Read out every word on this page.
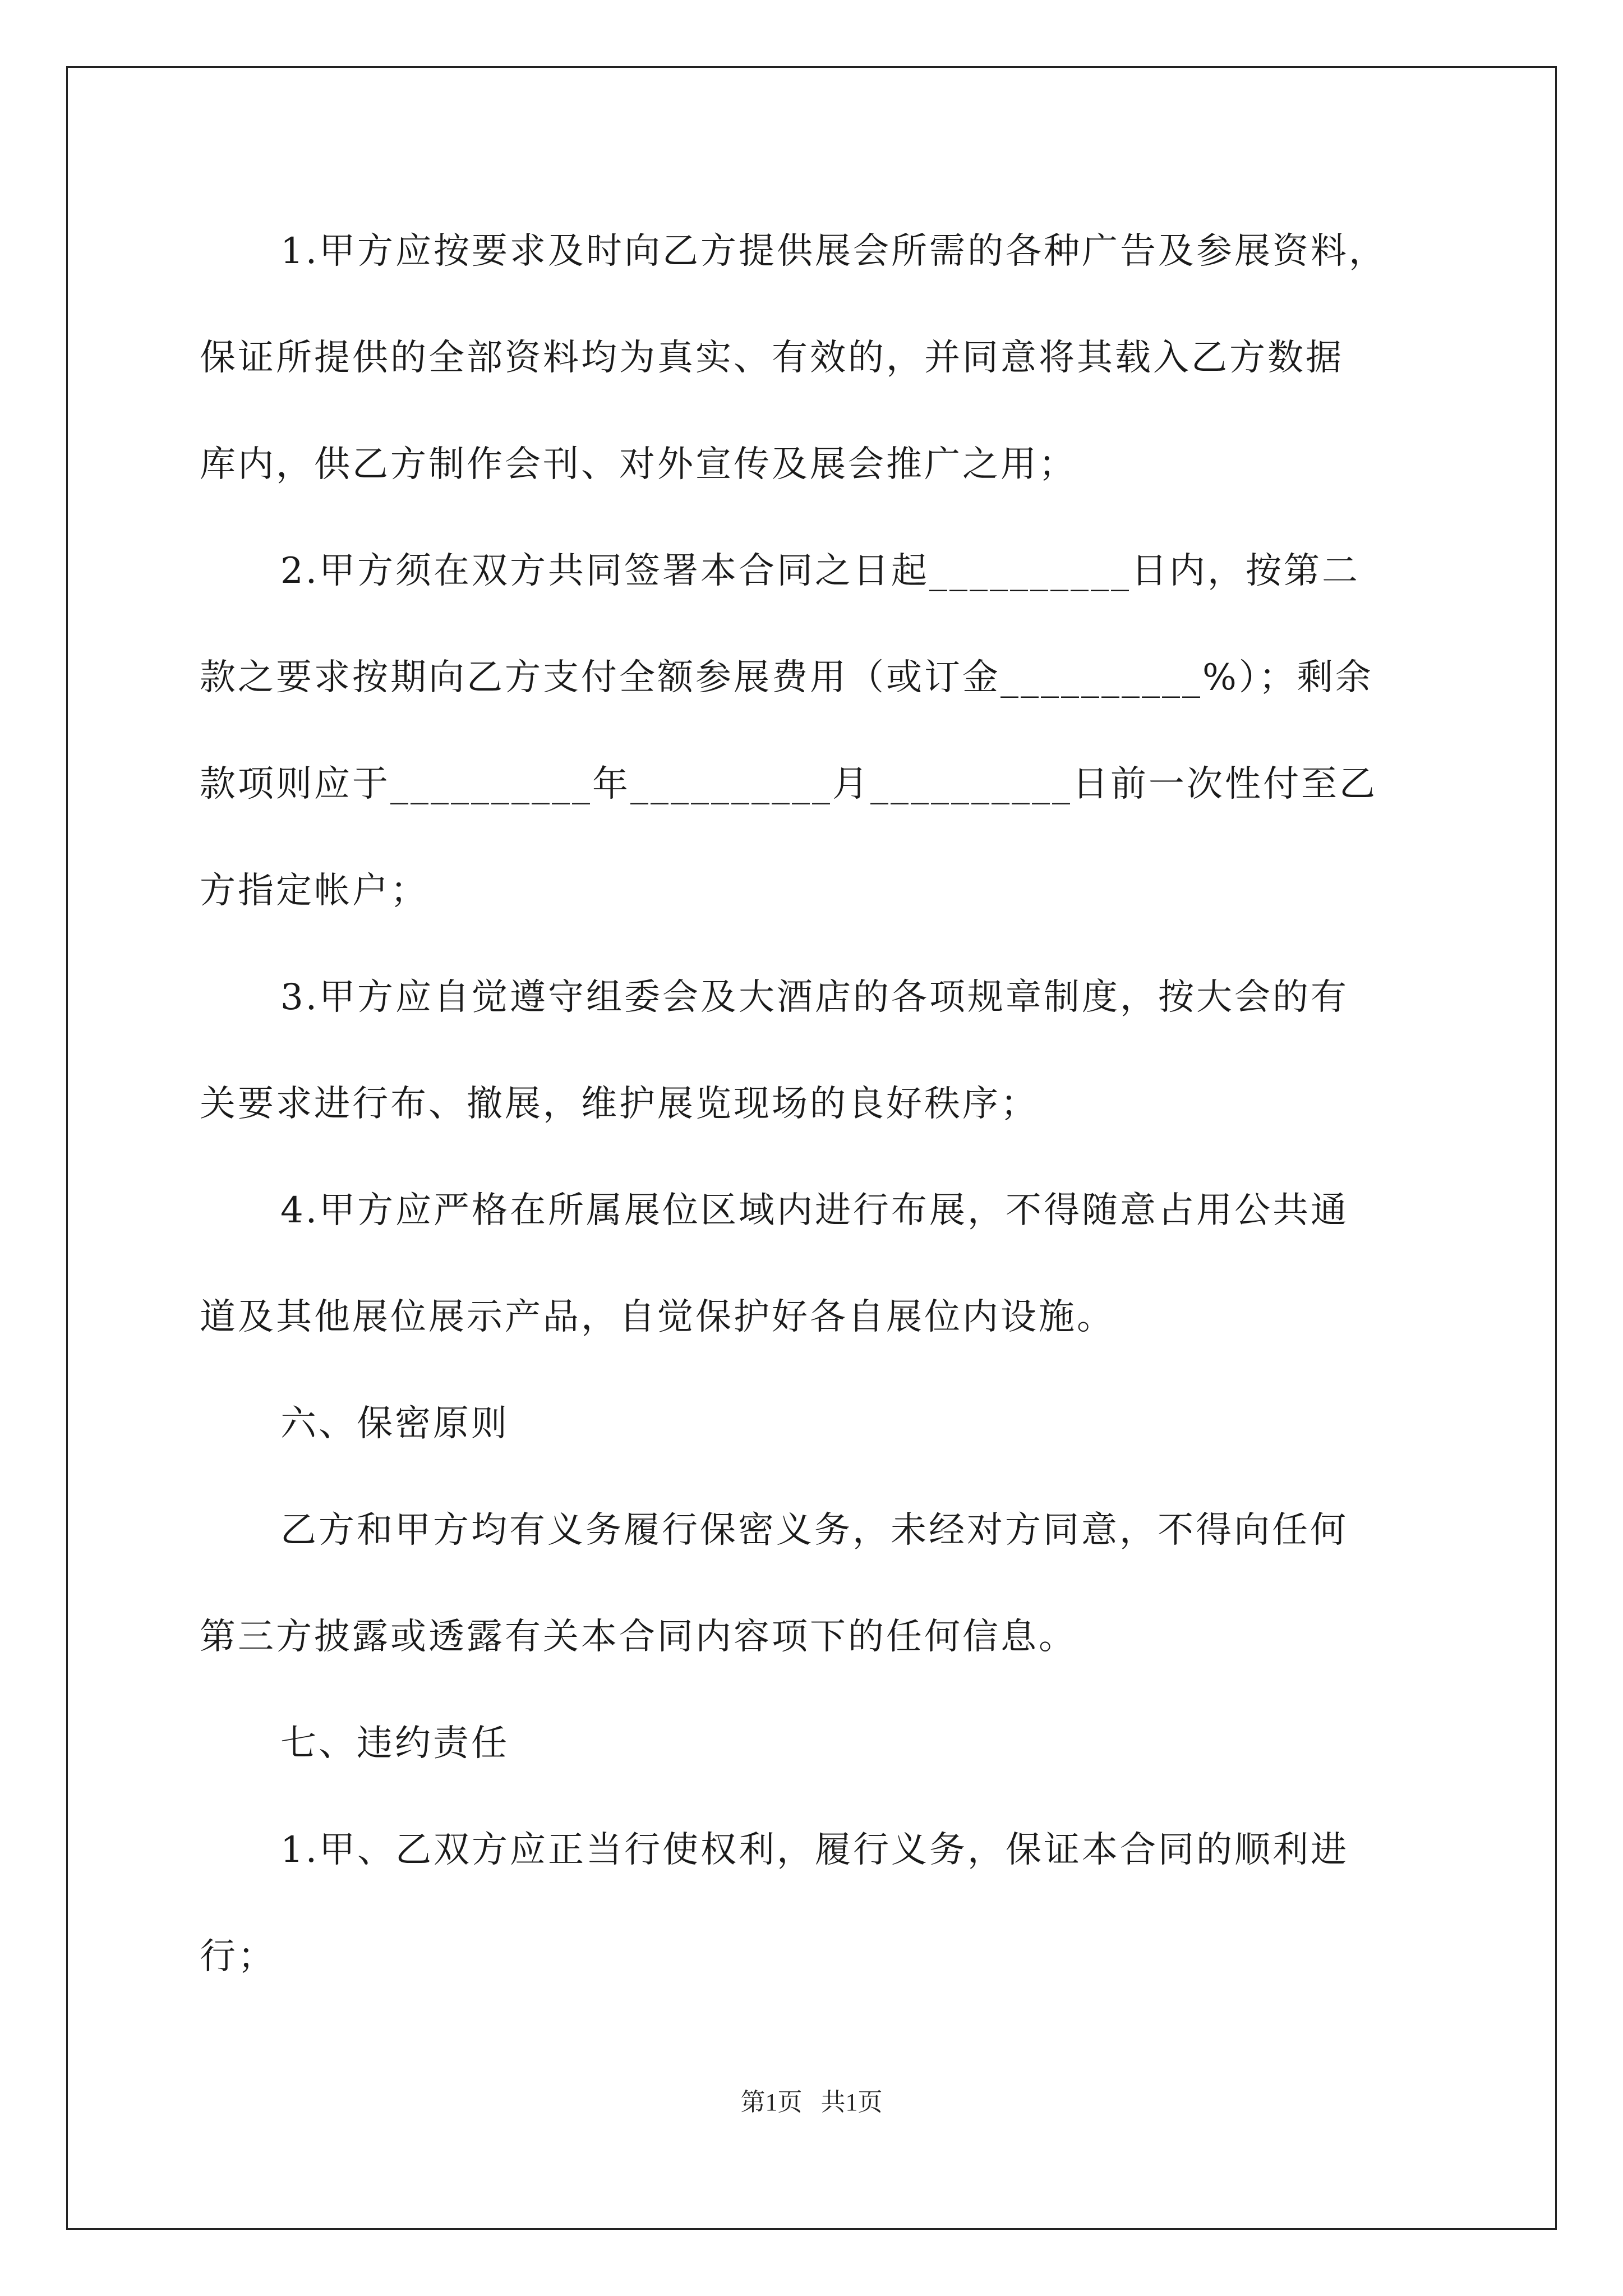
1.甲方应按要求及时向乙方提供展会所需的各种广告及参展资料，
保证所提供的全部资料均为真实、有效的，并同意将其载入乙方数据
库内，供乙方制作会刊、对外宣传及展会推广之用；
2.甲方须在双方共同签署本合同之日起__________日内，按第二
款之要求按期向乙方支付全额参展费用（或订金__________%）；剩余
款项则应于__________年__________月__________日前一次性付至乙
方指定帐户；
3.甲方应自觉遵守组委会及大酒店的各项规章制度，按大会的有
关要求进行布、撤展，维护展览现场的良好秩序；
4.甲方应严格在所属展位区域内进行布展，不得随意占用公共通
道及其他展位展示产品，自觉保护好各自展位内设施。
六、保密原则
乙方和甲方均有义务履行保密义务，未经对方同意，不得向任何
第三方披露或透露有关本合同内容项下的任何信息。
七、违约责任
1.甲、乙双方应正当行使权利，履行义务，保证本合同的顺利进
行；
第1页   共1页
